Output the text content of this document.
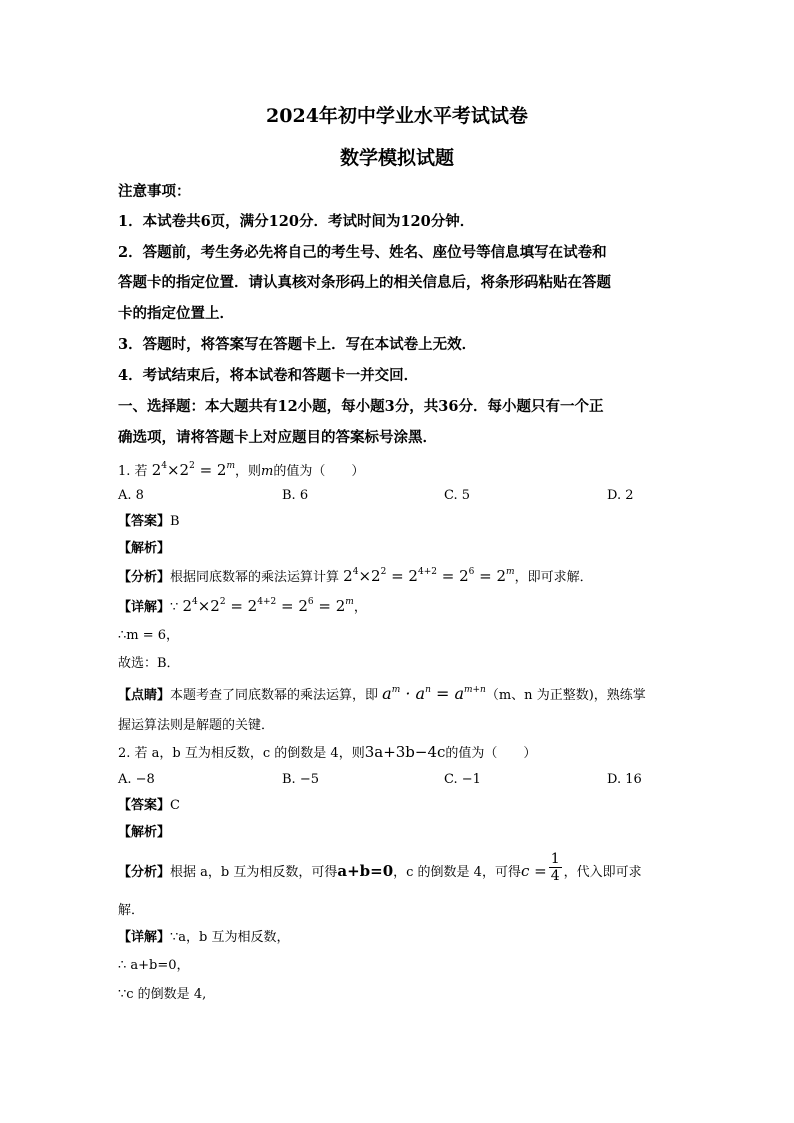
2024年初中学业水平考试试卷
数学模拟试题
注意事项：
1．本试卷共6页，满分120分．考试时间为120分钟．
2．答题前，考生务必先将自己的考生号、姓名、座位号等信息填写在试卷和
答题卡的指定位置．请认真核对条形码上的相关信息后，将条形码粘贴在答题
卡的指定位置上．
3．答题时，将答案写在答题卡上．写在本试卷上无效．
4．考试结束后，将本试卷和答题卡一并交回．
一、选择题：本大题共有12小题，每小题3分，共36分．每小题只有一个正
确选项，请将答题卡上对应题目的答案标号涂黑．
1. 若 $2^4\times 2^2 = 2^m$，则m的值为（　　）
A. 8	B. 6	C. 5	D. 2
【答案】B
【解析】
【分析】根据同底数幂的乘法运算计算 $2^4\times 2^2 = 2^{4+2} = 2^6 = 2^m$，即可求解．
【详解】∵ $2^4\times 2^2 = 2^{4+2} = 2^6 = 2^m$，
∴m = 6，
故选：B．
【点睛】本题考查了同底数幂的乘法运算，即 $a^m \cdot a^n = a^{m+n}(m$、n 为正整数)，熟练掌
握运算法则是解题的关键．
2. 若 a，b 互为相反数，c 的倒数是 4，则3a+3b−4c的值为（　　）
A. −8	B. −5	C. −1	D. 16
【答案】C
【解析】
【分析】根据 a，b 互为相反数，可得a+b=0，c 的倒数是 4，可得$c = \frac{1}{4}$ ，代入即可求
解．
【详解】∵a，b 互为相反数，
∴ a+b=0，
∵c 的倒数是 4,
